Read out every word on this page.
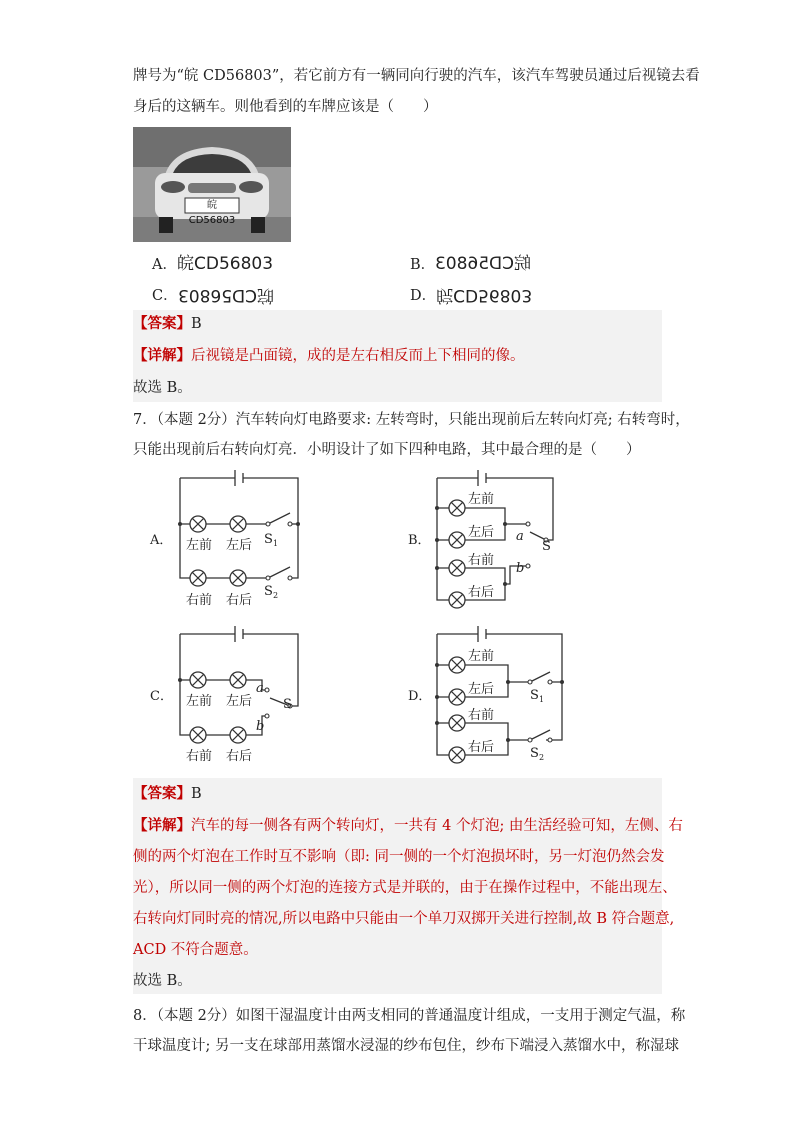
牌号为“皖 CD56803”，若它前方有一辆同向行驶的汽车，该汽车驾驶员通过后视镜去看
身后的这辆车。则他看到的车牌应该是（　　）
皖CD56803
A．皖CD56803	B．皖CD56803
C．皖CD56803	D．皖CD56803
【答案】B
【详解】后视镜是凸面镜，成的是左右相反而上下相同的像。
故选 B。
7．（本题 2分）汽车转向灯电路要求: 左转弯时，只能出现前后左转向灯亮; 右转弯时，
只能出现前后右转向灯亮．小明设计了如下四种电路，其中最合理的是（　　）
A． 左前 左后
右前 右后
S 1
S 2
B．
左前
左后
右前
右后
a
b
S
C． 左前 左后
右前 右后
a
b
S
D．
左前
左后
右前
右后
S 1
S 2
【答案】B
【详解】汽车的每一侧各有两个转向灯，一共有 4 个灯泡; 由生活经验可知，左侧、右
侧的两个灯泡在工作时互不影响（即: 同一侧的一个灯泡损坏时，另一灯泡仍然会发
光），所以同一侧的两个灯泡的连接方式是并联的，由于在操作过程中，不能出现左、
右转向灯同时亮的情况,所以电路中只能由一个单刀双掷开关进行控制,故 B 符合题意,
ACD 不符合题意。
故选 B。
8．（本题 2分）如图干湿温度计由两支相同的普通温度计组成，一支用于测定气温，称
干球温度计; 另一支在球部用蒸馏水浸湿的纱布包住，纱布下端浸入蒸馏水中，称湿球
